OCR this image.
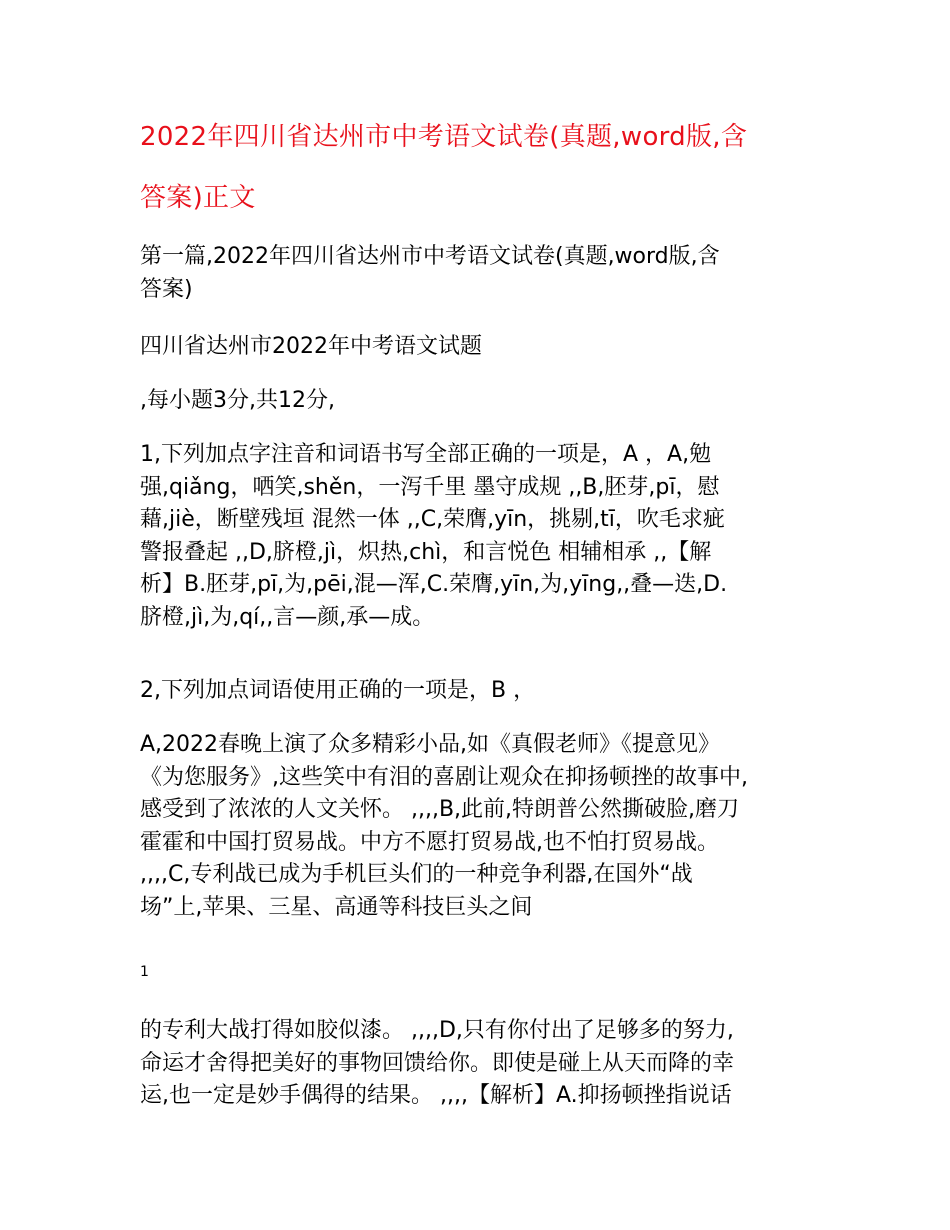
2022年四川省达州市中考语文试卷(真题,word版,含
答案)正文

第一篇,2022年四川省达州市中考语文试卷(真题,word版,含
答案)

四川省达州市2022年中考语文试题

,每小题3分,共12分,

1,下列加点字注音和词语书写全部正确的一项是，A ，A,勉
强,qiǎng，哂笑,shěn，一泻千里 墨守成规 ,,B,胚芽,pī，慰
藉,jiè，断壁残垣 混然一体 ,,C,荣膺,yīn，挑剔,tī，吹毛求疵
警报叠起 ,,D,脐橙,jì，炽热,chì，和言悦色 相辅相承 ,,【解
析】B.胚芽,pī,为,pēi,混—浑,C.荣膺,yīn,为,yīng,,叠—迭,D.
脐橙,jì,为,qí,,言—颜,承—成。

2,下列加点词语使用正确的一项是，B ，

A,2022春晚上演了众多精彩小品,如《真假老师》《提意见》
《为您服务》,这些笑中有泪的喜剧让观众在抑扬顿挫的故事中,
感受到了浓浓的人文关怀。 ,,,,B,此前,特朗普公然撕破脸,磨刀
霍霍和中国打贸易战。中方不愿打贸易战,也不怕打贸易战。
,,,,C,专利战已成为手机巨头们的一种竞争利器,在国外“战
场”上,苹果、三星、高通等科技巨头之间

1

的专利大战打得如胶似漆。 ,,,,D,只有你付出了足够多的努力,
命运才舍得把美好的事物回馈给你。即使是碰上从天而降的幸
运,也一定是妙手偶得的结果。 ,,,,【解析】A.抑扬顿挫指说话
